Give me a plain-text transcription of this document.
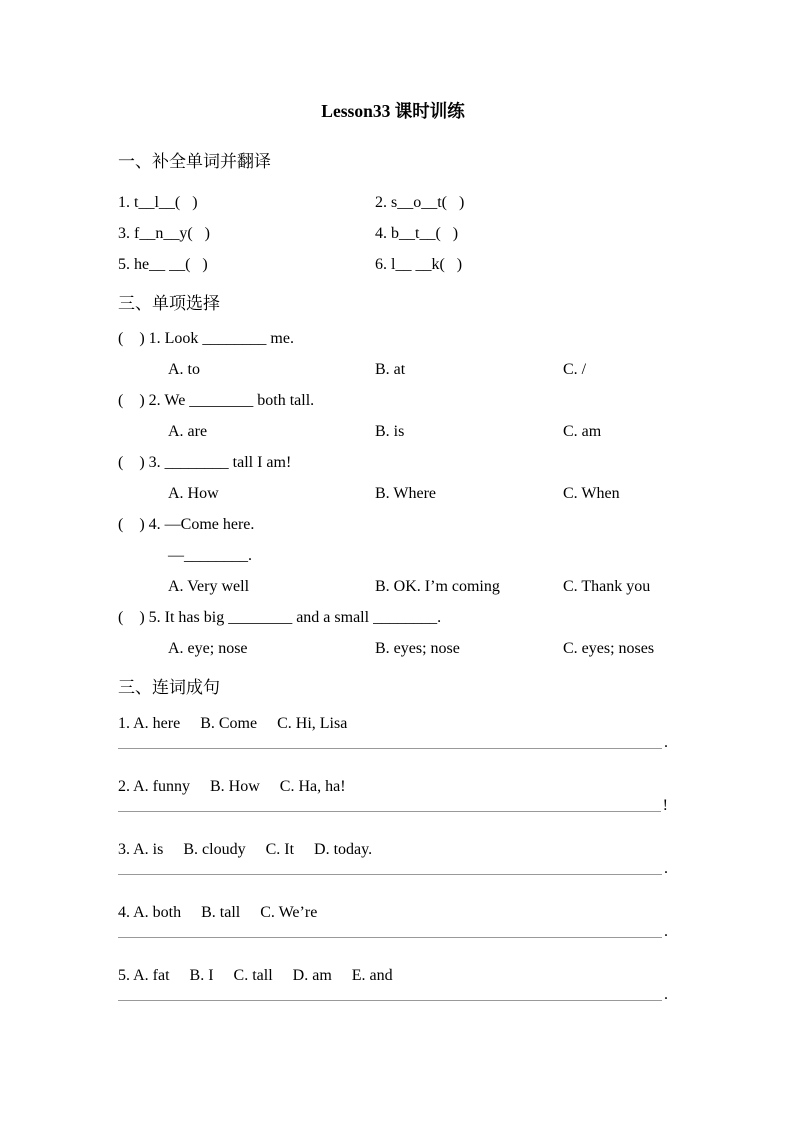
Lesson33 课时训练
一、补全单词并翻译
1. t__l__(   )	2. s__o__t(   )
3. f__n__y(   )	4. b__t__(   )
5. he__ __(   )	6. l__ __k(   )
三、单项选择
(    ) 1. Look ________ me.
A. to	B. at	C. /
(    ) 2. We ________ both tall.
A. are	B. is	C. am
(    ) 3. ________ tall I am!
A. How	B. Where	C. When
(    ) 4. —Come here.
—________.
A. Very well	B. OK. I’m coming	C. Thank you
(    ) 5. It has big ________ and a small ________.
A. eye; nose	B. eyes; nose	C. eyes; noses
三、连词成句
1. A. here     B. Come     C. Hi, Lisa
.
2. A. funny     B. How     C. Ha, ha!
!
3. A. is     B. cloudy     C. It     D. today.
.
4. A. both     B. tall     C. We’re
.
5. A. fat     B. I     C. tall     D. am     E. and
.
